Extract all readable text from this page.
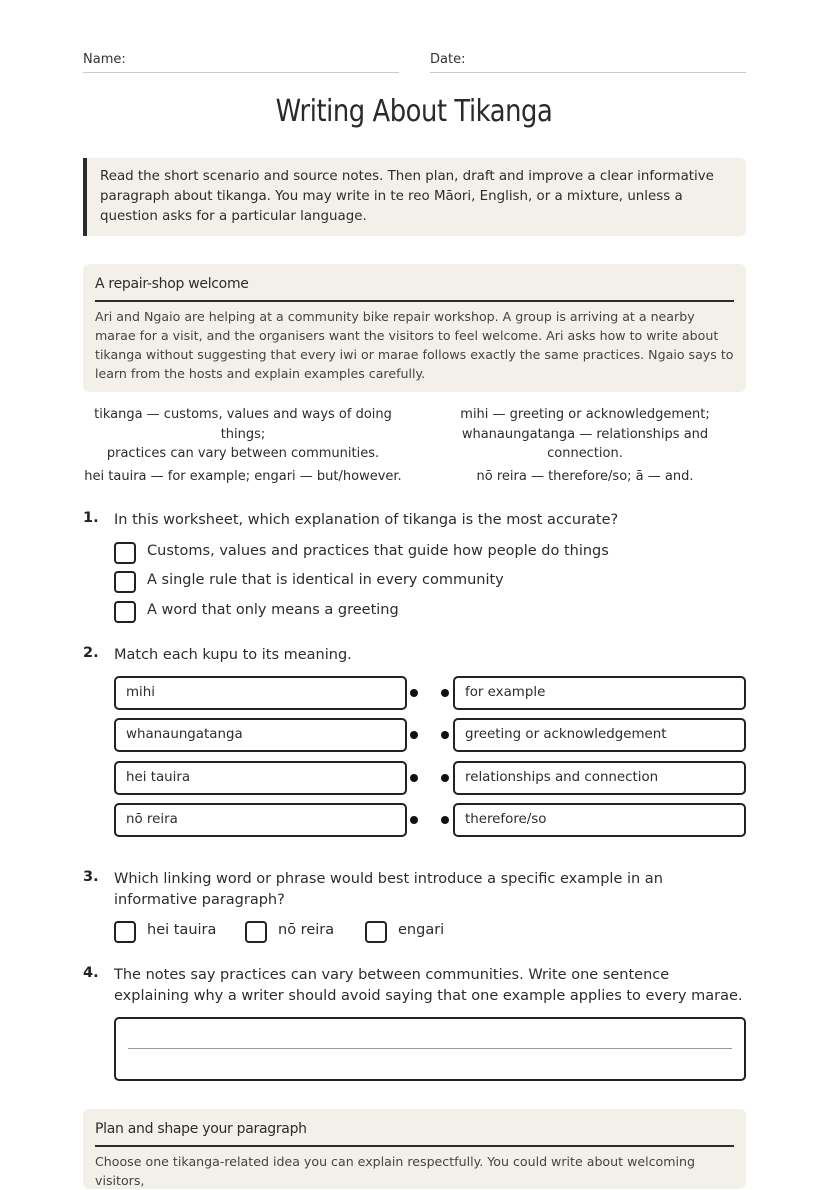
Name:	Date:
Writing About Tikanga

Read the short scenario and source notes. Then plan, draft and improve a clear informative paragraph about tikanga. You may write in te reo Māori, English, or a mixture, unless a question asks for a particular language.

A repair-shop welcome
Ari and Ngaio are helping at a community bike repair workshop. A group is arriving at a nearby marae for a visit, and the organisers want the visitors to feel welcome. Ari asks how to write about tikanga without suggesting that every iwi or marae follows exactly the same practices. Ngaio says to learn from the hosts and explain examples carefully.
tikanga — customs, values and ways of doing things;
practices can vary between communities.
mihi — greeting or acknowledgement;
whanaungatanga — relationships and connection.
hei tauira — for example; engari — but/however.	nō reira — therefore/so; ā — and.
1. In this worksheet, which explanation of tikanga is the most accurate?
Customs, values and practices that guide how people do things
A single rule that is identical in every community
A word that only means a greeting
2. Match each kupu to its meaning.
mihi
whanaungatanga
hei tauira
nō reira
for example
greeting or acknowledgement
relationships and connection
therefore/so
3. Which linking word or phrase would best introduce a specific example in an informative paragraph?
hei tauira	nō reira	engari
4. The notes say practices can vary between communities. Write one sentence explaining why a writer should avoid saying that one example applies to every marae.
Plan and shape your paragraph
Choose one tikanga-related idea you can explain respectfully. You could write about welcoming visitors,
